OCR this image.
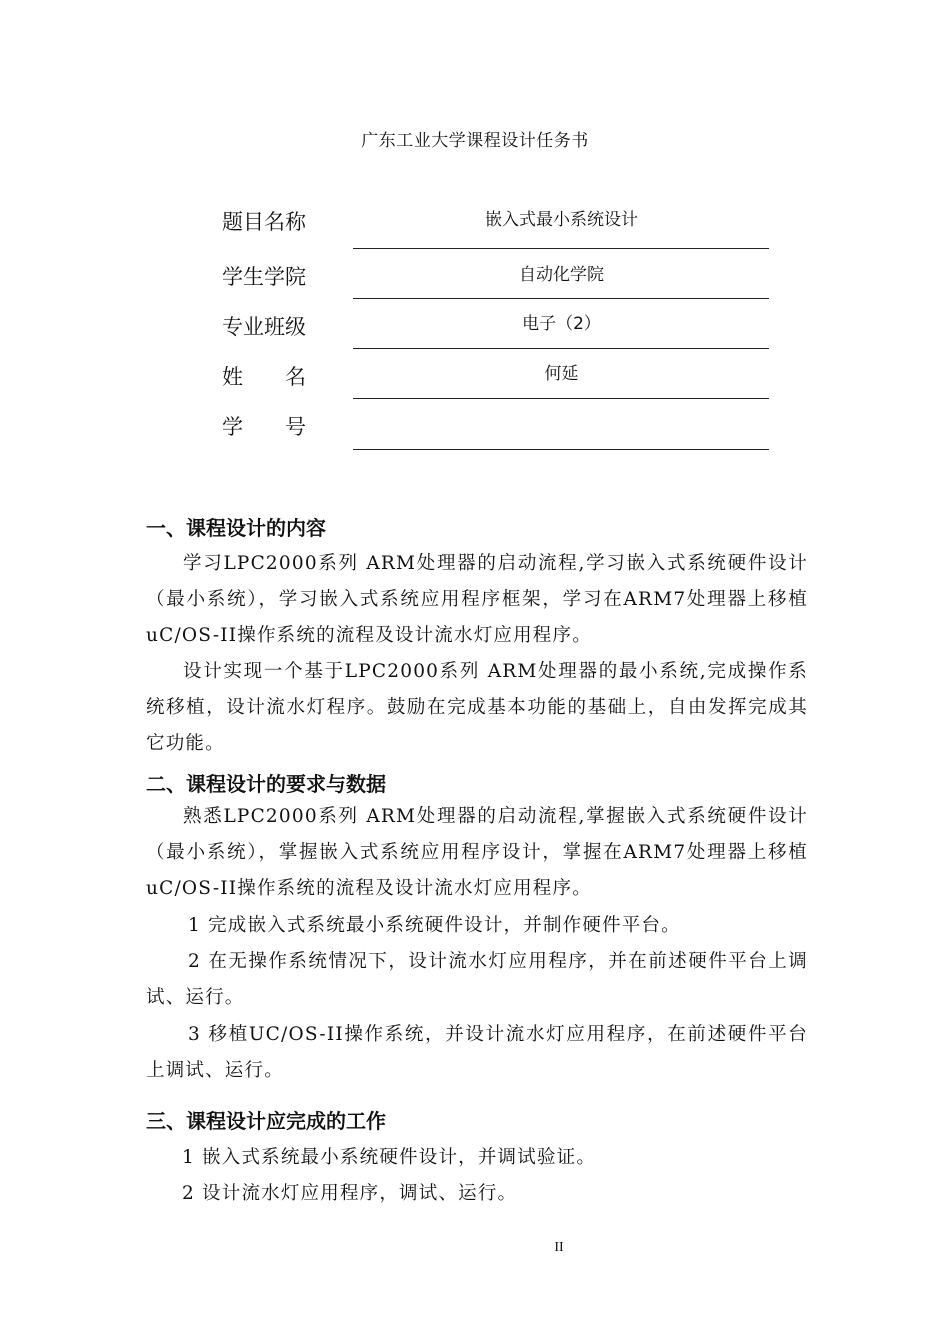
广东工业大学课程设计任务书
题目名称	嵌入式最小系统设计
学生学院	自动化学院
专业班级	电子（2）
姓　　名	何延
学　　号
一、课程设计的内容
学习LPC2000系列 ARM处理器的启动流程,学习嵌入式系统硬件设计（最小系统），学习嵌入式系统应用程序框架，学习在ARM7处理器上移植uC/OS-II操作系统的流程及设计流水灯应用程序。
设计实现一个基于LPC2000系列 ARM处理器的最小系统,完成操作系统移植，设计流水灯程序。鼓励在完成基本功能的基础上，自由发挥完成其它功能。
二、课程设计的要求与数据
熟悉LPC2000系列 ARM处理器的启动流程,掌握嵌入式系统硬件设计（最小系统），掌握嵌入式系统应用程序设计，掌握在ARM7处理器上移植uC/OS-II操作系统的流程及设计流水灯应用程序。
1 完成嵌入式系统最小系统硬件设计，并制作硬件平台。
2 在无操作系统情况下，设计流水灯应用程序，并在前述硬件平台上调试、运行。
3 移植UC/OS-II操作系统，并设计流水灯应用程序，在前述硬件平台上调试、运行。
三、课程设计应完成的工作
1 嵌入式系统最小系统硬件设计，并调试验证。
2 设计流水灯应用程序，调试、运行。
II
